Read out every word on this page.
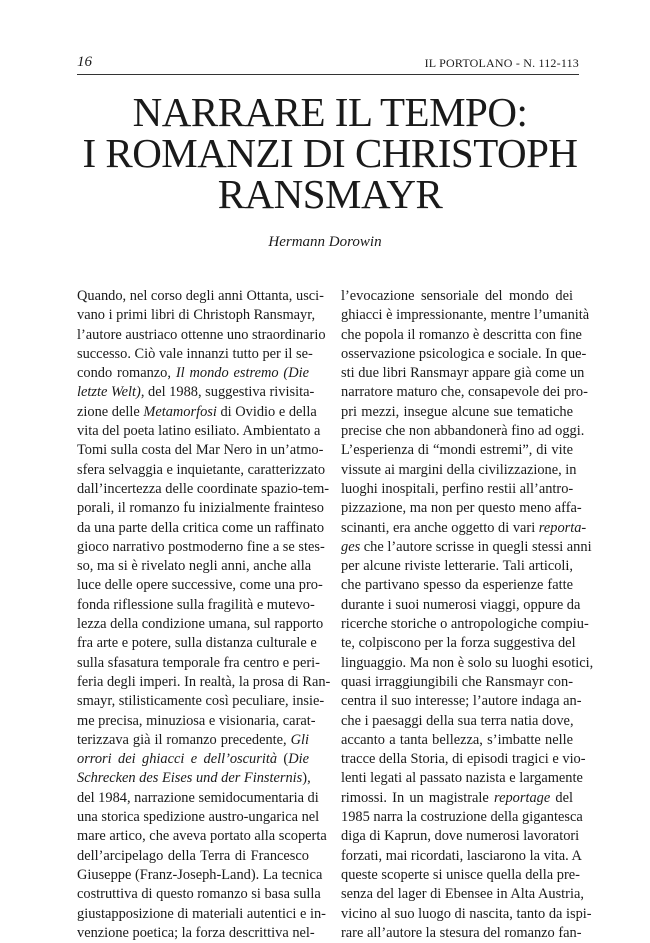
16	IL PORTOLANO - N. 112-113
NARRARE IL TEMPO:
I ROMANZI DI CHRISTOPH
RANSMAYR
Hermann Dorowin
Quando, nel corso degli anni Ottanta, usci-
vano i primi libri di Christoph Ransmayr,
l’autore austriaco ottenne uno straordinario
successo. Ciò vale innanzi tutto per il se-
condo romanzo, Il mondo estremo (Die
letzte Welt), del 1988, suggestiva rivisita-
zione delle Metamorfosi di Ovidio e della
vita del poeta latino esiliato. Ambientato a
Tomi sulla costa del Mar Nero in un’atmo-
sfera selvaggia e inquietante, caratterizzato
dall’incertezza delle coordinate spazio-tem-
porali, il romanzo fu inizialmente frainteso
da una parte della critica come un raffinato
gioco narrativo postmoderno fine a se stes-
so, ma si è rivelato negli anni, anche alla
luce delle opere successive, come una pro-
fonda riflessione sulla fragilità e mutevo-
lezza della condizione umana, sul rapporto
fra arte e potere, sulla distanza culturale e
sulla sfasatura temporale fra centro e peri-
feria degli imperi. In realtà, la prosa di Ran-
smayr, stilisticamente così peculiare, insie-
me precisa, minuziosa e visionaria, carat-
terizzava già il romanzo precedente, Gli
orrori dei ghiacci e dell’oscurità (Die
Schrecken des Eises und der Finsternis),
del 1984, narrazione semidocumentaria di
una storica spedizione austro-ungarica nel
mare artico, che aveva portato alla scoperta
dell’arcipelago della Terra di Francesco
Giuseppe (Franz-Joseph-Land). La tecnica
costruttiva di questo romanzo si basa sulla
giustapposizione di materiali autentici e in-
venzione poetica; la forza descrittiva nel-
l’evocazione sensoriale del mondo dei
ghiacci è impressionante, mentre l’umanità
che popola il romanzo è descritta con fine
osservazione psicologica e sociale. In que-
sti due libri Ransmayr appare già come un
narratore maturo che, consapevole dei pro-
pri mezzi, insegue alcune sue tematiche
precise che non abbandonerà fino ad oggi.
L’esperienza di “mondi estremi”, di vite
vissute ai margini della civilizzazione, in
luoghi inospitali, perfino restii all’antro-
pizzazione, ma non per questo meno affa-
scinanti, era anche oggetto di vari reporta-
ges che l’autore scrisse in quegli stessi anni
per alcune riviste letterarie. Tali articoli,
che partivano spesso da esperienze fatte
durante i suoi numerosi viaggi, oppure da
ricerche storiche o antropologiche compiu-
te, colpiscono per la forza suggestiva del
linguaggio. Ma non è solo su luoghi esotici,
quasi irraggiungibili che Ransmayr con-
centra il suo interesse; l’autore indaga an-
che i paesaggi della sua terra natia dove,
accanto a tanta bellezza, s’imbatte nelle
tracce della Storia, di episodi tragici e vio-
lenti legati al passato nazista e largamente
rimossi. In un magistrale reportage del
1985 narra la costruzione della gigantesca
diga di Kaprun, dove numerosi lavoratori
forzati, mai ricordati, lasciarono la vita. A
queste scoperte si unisce quella della pre-
senza del lager di Ebensee in Alta Austria,
vicino al suo luogo di nascita, tanto da ispi-
rare all’autore la stesura del romanzo fan-
